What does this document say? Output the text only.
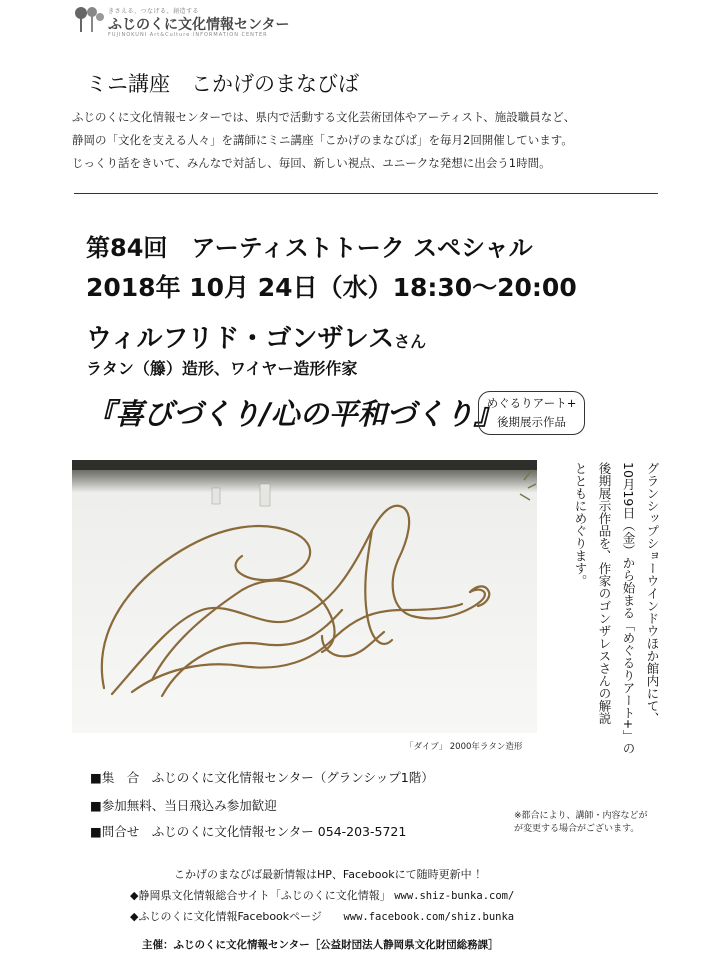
きさえる、つなげる、創造する
ふじのくに文化情報センター
FUJINOKUNI Art&Culture INFORMATION CENTER
ミニ講座　こかげのまなびば
ふじのくに文化情報センターでは、県内で活動する文化芸術団体やアーティスト、施設職員など、
静岡の「文化を支える人々」を講師にミニ講座「こかげのまなびば」を毎月2回開催しています。
じっくり話をきいて、みんなで対話し、毎回、新しい視点、ユニークな発想に出会う1時間。
第84回　アーティストトーク スペシャル
2018年 10月 24日（水）18:30～20:00
ウィルフリド・ゴンザレスさん
ラタン（籐）造形、ワイヤー造形作家
『喜びづくり/心の平和づくり』
めぐるりアート+
後期展示作品
「ダイブ」 2000年ラタン造形
グランシップショーウインドウほか館内にて、
10月19日（金）から始まる「めぐるりアート+」の
後期展示作品を、作家のゴンザレスさんの解説
とともにめぐります。
■集　合　ふじのくに文化情報センター（グランシップ1階）
■参加無料、当日飛込み参加歓迎
■問合せ　ふじのくに文化情報センター 054-203-5721
※都合により、講師・内容などが
が変更する場合がございます。
こかげのまなびば最新情報はHP、Facebookにて随時更新中 ！
◆静岡県文化情報総合サイト「ふじのくに文化情報」 www.shiz-bunka.com/
◆ふじのくに文化情報Facebookページ www.facebook.com/shiz.bunka
主催：ふじのくに文化情報センター［公益財団法人静岡県文化財団総務課］
